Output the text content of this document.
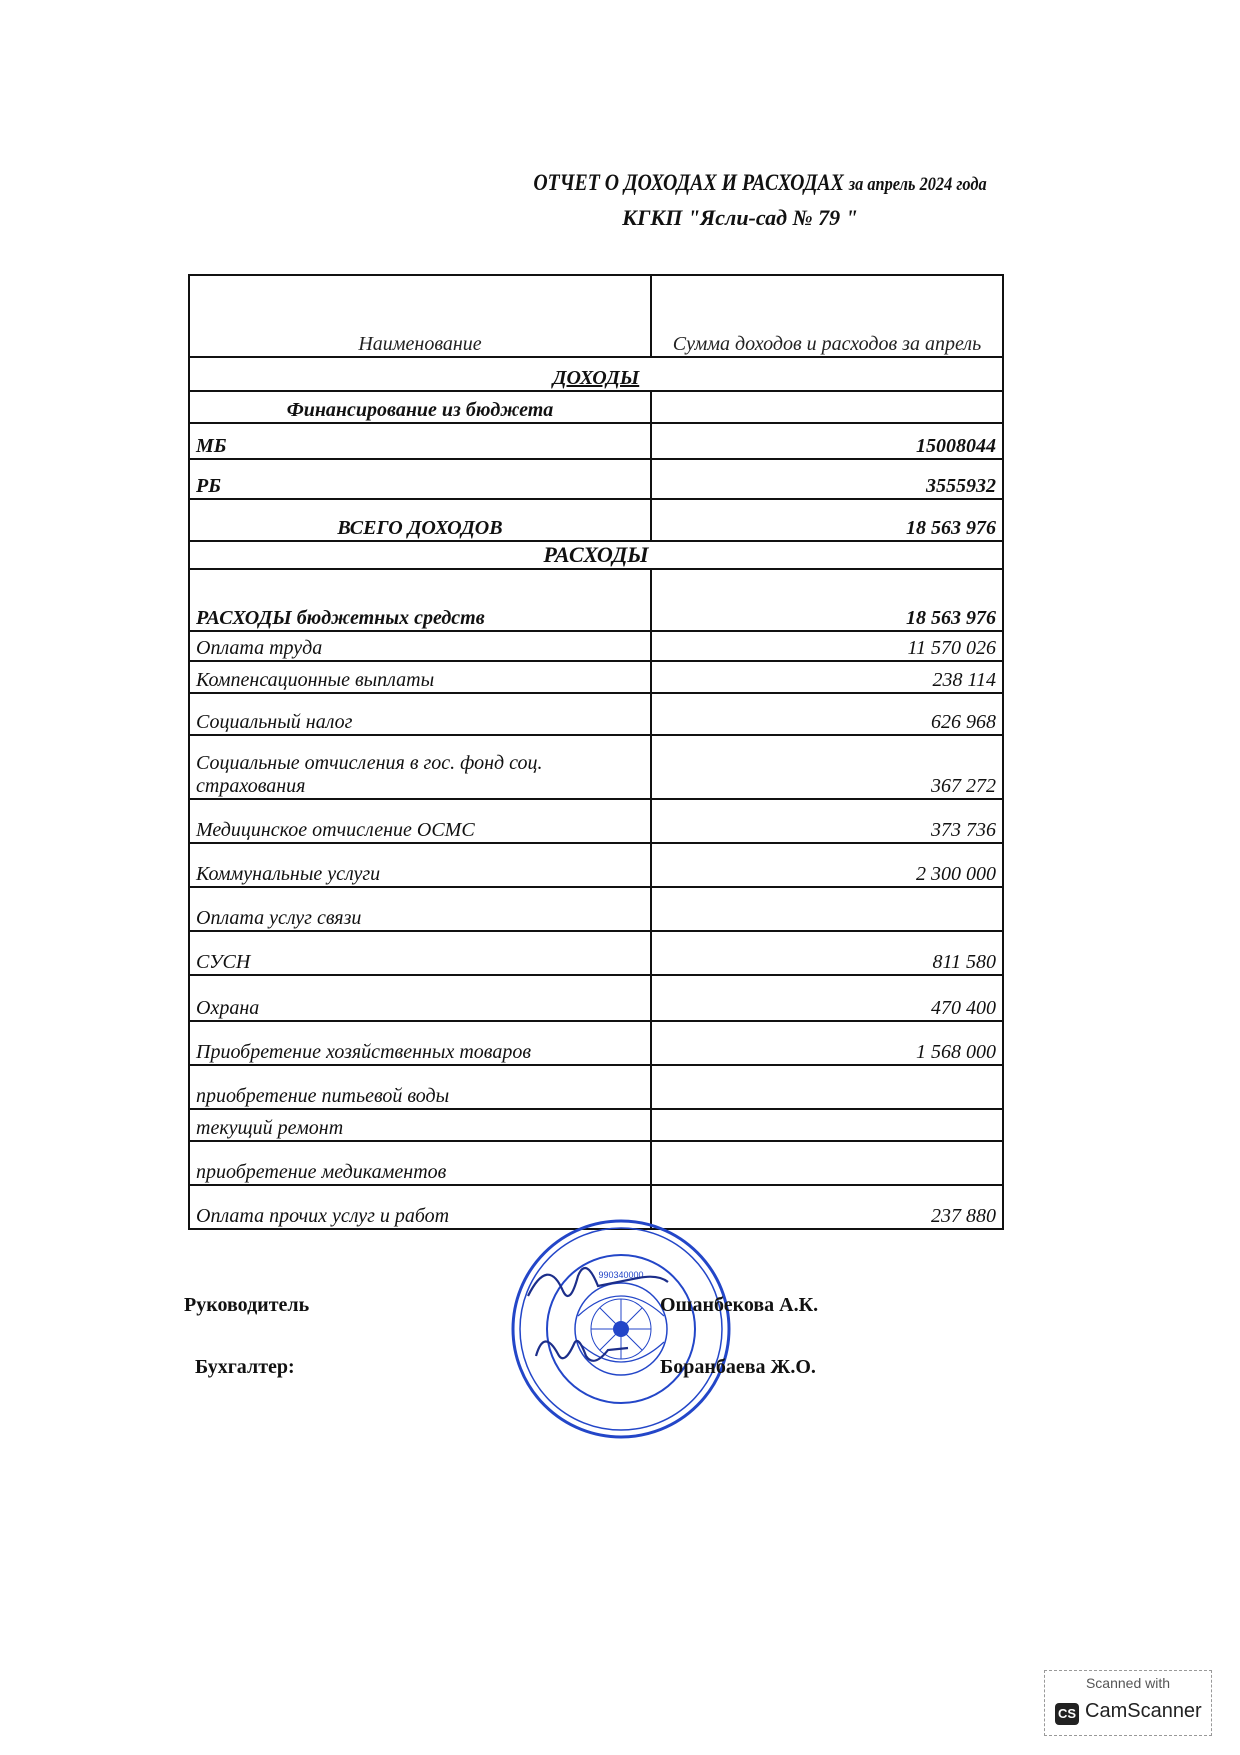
ОТЧЕТ О ДОХОДАХ И РАСХОДАХ за апрель 2024 года
КГКП "Ясли-сад № 79 "
Наименование	Сумма доходов и расходов за апрель
ДОХОДЫ	
Финансирование из бюджета	
МБ	15008044
РБ	3555932
ВСЕГО ДОХОДОВ	18 563 976
РАСХОДЫ	
РАСХОДЫ бюджетных средств	18 563 976
Оплата труда	11 570 026
Компенсационные выплаты	238 114
Социальный налог	626 968
Социальные отчисления в гос. фонд соц. страхования	367 272
Медицинское отчисление ОСМС	373 736
Коммунальные услуги	2 300 000
Оплата услуг связи	
СУСН	811 580
Охрана	470 400
Приобретение хозяйственных товаров	1 568 000
приобретение питьевой воды	
текущий ремонт	
приобретение медикаментов	
Оплата прочих услуг и работ	237 880
990340000
Руководитель	Ошанбекова А.К.
Бухгалтер:	Боранбаева Ж.О.
Scanned with
CS CamScanner
